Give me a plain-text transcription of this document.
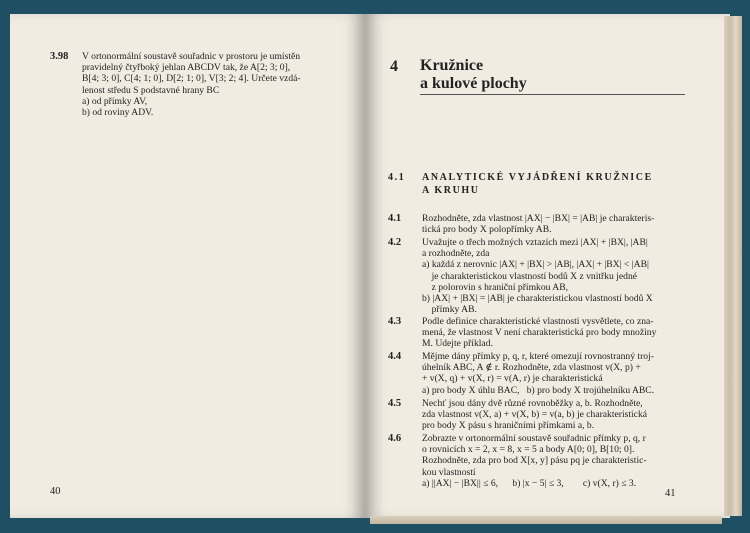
3.98 V ortonormální soustavě souřadnic v prostoru je umístěn
pravidelný čtyřboký jehlan ABCDV tak, že A[2; 3; 0],
B[4; 3; 0], C[4; 1; 0], D[2; 1; 0], V[3; 2; 4]. Určete vzdá-
lenost středu S podstavné hrany BC
a) od přímky AV,
b) od roviny ADV.
40
4 Kružnice
a kulové plochy
4.1 ANALYTICKÉ VYJÁDŘENÍ KRUŽNICE
A KRUHU
4.1 Rozhodněte, zda vlastnost |AX| − |BX| = |AB| je charakteris-
tická pro body X polopřímky AB.
4.2 Uvažujte o třech možných vztazích mezi |AX| + |BX|, |AB|
a rozhodněte, zda
a) každá z nerovnic |AX| + |BX| > |AB|, |AX| + |BX| < |AB|
je charakteristickou vlastností bodů X z vnitřku jedné
z polorovin s hraniční přímkou AB,
b) |AX| + |BX| = |AB| je charakteristickou vlastností bodů X
přímky AB.
4.3 Podle definice charakteristické vlastnosti vysvětlete, co zna-
mená, že vlastnost V není charakteristická pro body množiny
M. Udejte příklad.
4.4 Mějme dány přímky p, q, r, které omezují rovnostranný troj-
úhelník ABC, A ∉ r. Rozhodněte, zda vlastnost v(X, p) +
+ v(X, q) + v(X, r) = v(A, r) je charakteristická
a) pro body X úhlu BAC,   b) pro body X trojúhelníku ABC.
4.5 Nechť jsou dány dvě různé rovnoběžky a, b. Rozhodněte,
zda vlastnost v(X, a) + v(X, b) = v(a, b) je charakteristická
pro body X pásu s hraničními přímkami a, b.
4.6 Zobrazte v ortonormální soustavě souřadnic přímky p, q, r
o rovnicích x = 2, x = 8, x = 5 a body A[0; 0], B[10; 0].
Rozhodněte, zda pro bod X[x, y] pásu pq je charakteristic-
kou vlastností
a) ||AX| − |BX|| ≤ 6,      b) |x − 5| ≤ 3,        c) v(X, r) ≤ 3.
41
